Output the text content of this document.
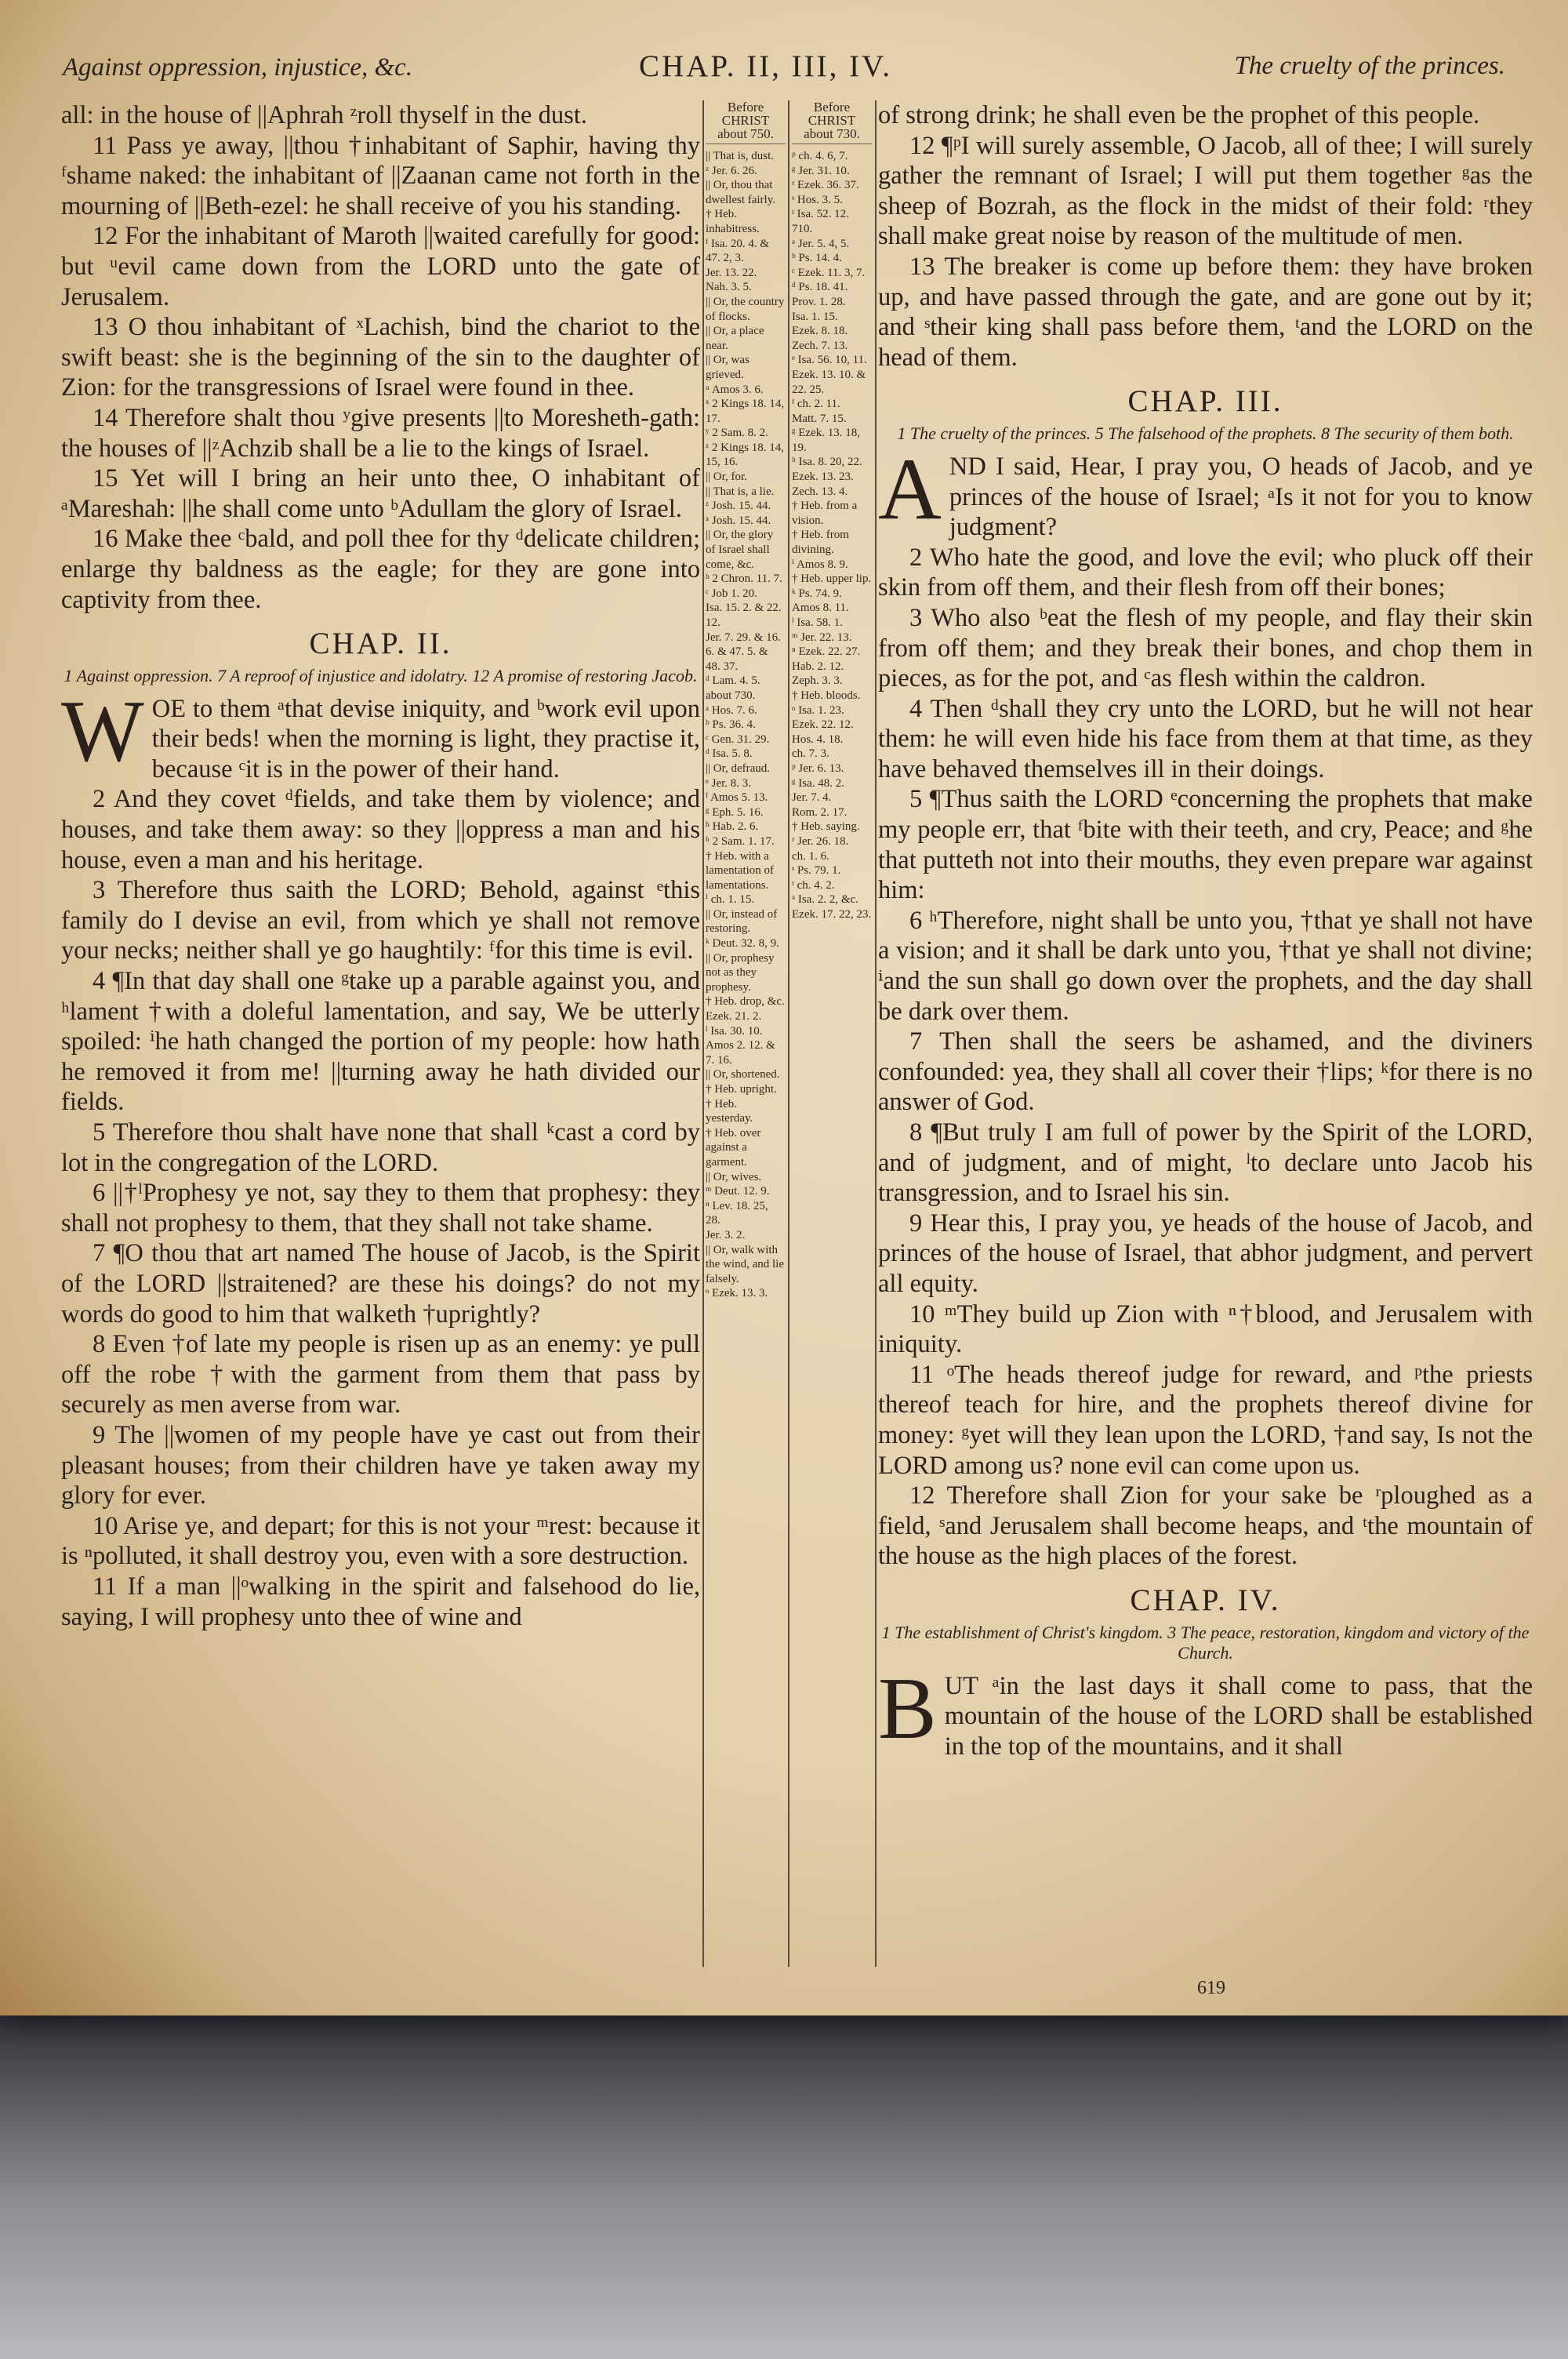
Against oppression, injustice, &c.	CHAP. II, III, IV.	The cruelty of the princes.

all: in the house of ||Aphrah ᶻroll thyself in the dust.

11 Pass ye away, ||thou †inhabitant of Saphir, having thy ᶠshame naked: the inhabitant of ||Zaanan came not forth in the mourning of ||Beth-ezel: he shall receive of you his standing.

12 For the inhabitant of Maroth ||waited carefully for good: but ᵘevil came down from the LORD unto the gate of Jerusalem.

13 O thou inhabitant of ˣLachish, bind the chariot to the swift beast: she is the beginning of the sin to the daughter of Zion: for the transgressions of Israel were found in thee.

14 Therefore shalt thou ʸgive presents ||to Moresheth-gath: the houses of ||ᶻAchzib shall be a lie to the kings of Israel.

15 Yet will I bring an heir unto thee, O inhabitant of ᵃMareshah: ||he shall come unto ᵇAdullam the glory of Israel.

16 Make thee ᶜbald, and poll thee for thy ᵈdelicate children; enlarge thy baldness as the eagle; for they are gone into captivity from thee.

CHAP. II.
1 Against oppression. 7 A reproof of injustice and idolatry. 12 A promise of restoring Jacob.

WOE to them ᵃthat devise iniquity, and ᵇwork evil upon their beds! when the morning is light, they practise it, because ᶜit is in the power of their hand.

2 And they covet ᵈfields, and take them by violence; and houses, and take them away: so they ||oppress a man and his house, even a man and his heritage.

3 Therefore thus saith the LORD; Behold, against ᵉthis family do I devise an evil, from which ye shall not remove your necks; neither shall ye go haughtily: ᶠfor this time is evil.

4 ¶In that day shall one ᵍtake up a parable against you, and ʰlament †with a doleful lamentation, and say, We be utterly spoiled: ⁱhe hath changed the portion of my people: how hath he removed it from me! ||turning away he hath divided our fields.

5 Therefore thou shalt have none that shall ᵏcast a cord by lot in the congregation of the LORD.

6 ||†ˡProphesy ye not, say they to them that prophesy: they shall not prophesy to them, that they shall not take shame.

7 ¶O thou that art named The house of Jacob, is the Spirit of the LORD ||straitened? are these his doings? do not my words do good to him that walketh †uprightly?

8 Even †of late my people is risen up as an enemy: ye pull off the robe †with the garment from them that pass by securely as men averse from war.

9 The ||women of my people have ye cast out from their pleasant houses; from their children have ye taken away my glory for ever.

10 Arise ye, and depart; for this is not your ᵐrest: because it is ⁿpolluted, it shall destroy you, even with a sore destruction.

11 If a man ||ᵒwalking in the spirit and falsehood do lie, saying, I will prophesy unto thee of wine and

Before CHRIST about 750.
|| That is, dust.
ᶻ Jer. 6. 26.
|| Or, thou that dwellest fairly.
† Heb. inhabitress.
ᶠ Isa. 20. 4. & 47. 2, 3.
Jer. 13. 22.
Nah. 3. 5.
|| Or, the country of flocks.
|| Or, a place near.
|| Or, was grieved.
ᵘ Amos 3. 6.
ˣ 2 Kings 18. 14, 17.
ʸ 2 Sam. 8. 2.
ᶻ 2 Kings 18. 14, 15, 16.
|| Or, for.
|| That is, a lie.
ᶻ Josh. 15. 44.
ᵃ Josh. 15. 44.
|| Or, the glory of Israel shall come, &c.
ᵇ 2 Chron. 11. 7.
ᶜ Job 1. 20.
Isa. 15. 2. & 22. 12.
Jer. 7. 29. & 16. 6. & 47. 5. & 48. 37.
ᵈ Lam. 4. 5.
about 730.
ᵃ Hos. 7. 6.
ᵇ Ps. 36. 4.
ᶜ Gen. 31. 29.
ᵈ Isa. 5. 8.
|| Or, defraud.
ᵉ Jer. 8. 3.
ᶠ Amos 5. 13.
ᵍ Eph. 5. 16.
ʰ Hab. 2. 6.
ʰ 2 Sam. 1. 17.
† Heb. with a lamentation of lamentations.
ⁱ ch. 1. 15.
|| Or, instead of restoring.
ᵏ Deut. 32. 8, 9.
|| Or, prophesy not as they prophesy.
† Heb. drop, &c.
Ezek. 21. 2.
ˡ Isa. 30. 10.
Amos 2. 12. & 7. 16.
|| Or, shortened.
† Heb. upright.
† Heb. yesterday.
† Heb. over against a garment.
|| Or, wives.
ᵐ Deut. 12. 9.
ⁿ Lev. 18. 25, 28.
Jer. 3. 2.
|| Or, walk with the wind, and lie falsely.
ᵒ Ezek. 13. 3.
Before CHRIST about 730.
ᵖ ch. 4. 6, 7.
ᵍ Jer. 31. 10.
ʳ Ezek. 36. 37.
ˢ Hos. 3. 5.
ᵗ Isa. 52. 12.
710.
ᵃ Jer. 5. 4, 5.
ᵇ Ps. 14. 4.
ᶜ Ezek. 11. 3, 7.
ᵈ Ps. 18. 41.
Prov. 1. 28.
Isa. 1. 15.
Ezek. 8. 18.
Zech. 7. 13.
ᵉ Isa. 56. 10, 11.
Ezek. 13. 10. & 22. 25.
ᶠ ch. 2. 11.
Matt. 7. 15.
ᵍ Ezek. 13. 18, 19.
ʰ Isa. 8. 20, 22.
Ezek. 13. 23.
Zech. 13. 4.
† Heb. from a vision.
† Heb. from divining.
ⁱ Amos 8. 9.
† Heb. upper lip.
ᵏ Ps. 74. 9.
Amos 8. 11.
ˡ Isa. 58. 1.
ᵐ Jer. 22. 13.
ⁿ Ezek. 22. 27.
Hab. 2. 12.
Zeph. 3. 3.
† Heb. bloods.
ᵒ Isa. 1. 23.
Ezek. 22. 12.
Hos. 4. 18.
ch. 7. 3.
ᵖ Jer. 6. 13.
ᵍ Isa. 48. 2.
Jer. 7. 4.
Rom. 2. 17.
† Heb. saying.
ʳ Jer. 26. 18.
ch. 1. 6.
ˢ Ps. 79. 1.
ᵗ ch. 4. 2.
ᵃ Isa. 2. 2, &c.
Ezek. 17. 22, 23.

of strong drink; he shall even be the prophet of this people.

12 ¶ᵖI will surely assemble, O Jacob, all of thee; I will surely gather the remnant of Israel; I will put them together ᵍas the sheep of Bozrah, as the flock in the midst of their fold: ʳthey shall make great noise by reason of the multitude of men.

13 The breaker is come up before them: they have broken up, and have passed through the gate, and are gone out by it; and ˢtheir king shall pass before them, ᵗand the LORD on the head of them.

CHAP. III.
1 The cruelty of the princes. 5 The falsehood of the prophets. 8 The security of them both.

AND I said, Hear, I pray you, O heads of Jacob, and ye princes of the house of Israel; ᵃIs it not for you to know judgment?

2 Who hate the good, and love the evil; who pluck off their skin from off them, and their flesh from off their bones;

3 Who also ᵇeat the flesh of my people, and flay their skin from off them; and they break their bones, and chop them in pieces, as for the pot, and ᶜas flesh within the caldron.

4 Then ᵈshall they cry unto the LORD, but he will not hear them: he will even hide his face from them at that time, as they have behaved themselves ill in their doings.

5 ¶Thus saith the LORD ᵉconcerning the prophets that make my people err, that ᶠbite with their teeth, and cry, Peace; and ᵍhe that putteth not into their mouths, they even prepare war against him:

6 ʰTherefore, night shall be unto you, †that ye shall not have a vision; and it shall be dark unto you, †that ye shall not divine; ⁱand the sun shall go down over the prophets, and the day shall be dark over them.

7 Then shall the seers be ashamed, and the diviners confounded: yea, they shall all cover their †lips; ᵏfor there is no answer of God.

8 ¶But truly I am full of power by the Spirit of the LORD, and of judgment, and of might, ˡto declare unto Jacob his transgression, and to Israel his sin.

9 Hear this, I pray you, ye heads of the house of Jacob, and princes of the house of Israel, that abhor judgment, and pervert all equity.

10 ᵐThey build up Zion with ⁿ†blood, and Jerusalem with iniquity.

11 ᵒThe heads thereof judge for reward, and ᵖthe priests thereof teach for hire, and the prophets thereof divine for money: ᵍyet will they lean upon the LORD, †and say, Is not the LORD among us? none evil can come upon us.

12 Therefore shall Zion for your sake be ʳploughed as a field, ˢand Jerusalem shall become heaps, and ᵗthe mountain of the house as the high places of the forest.

CHAP. IV.
1 The establishment of Christ's kingdom. 3 The peace, restoration, kingdom and victory of the Church.

BUT ᵃin the last days it shall come to pass, that the mountain of the house of the LORD shall be established in the top of the mountains, and it shall

619
